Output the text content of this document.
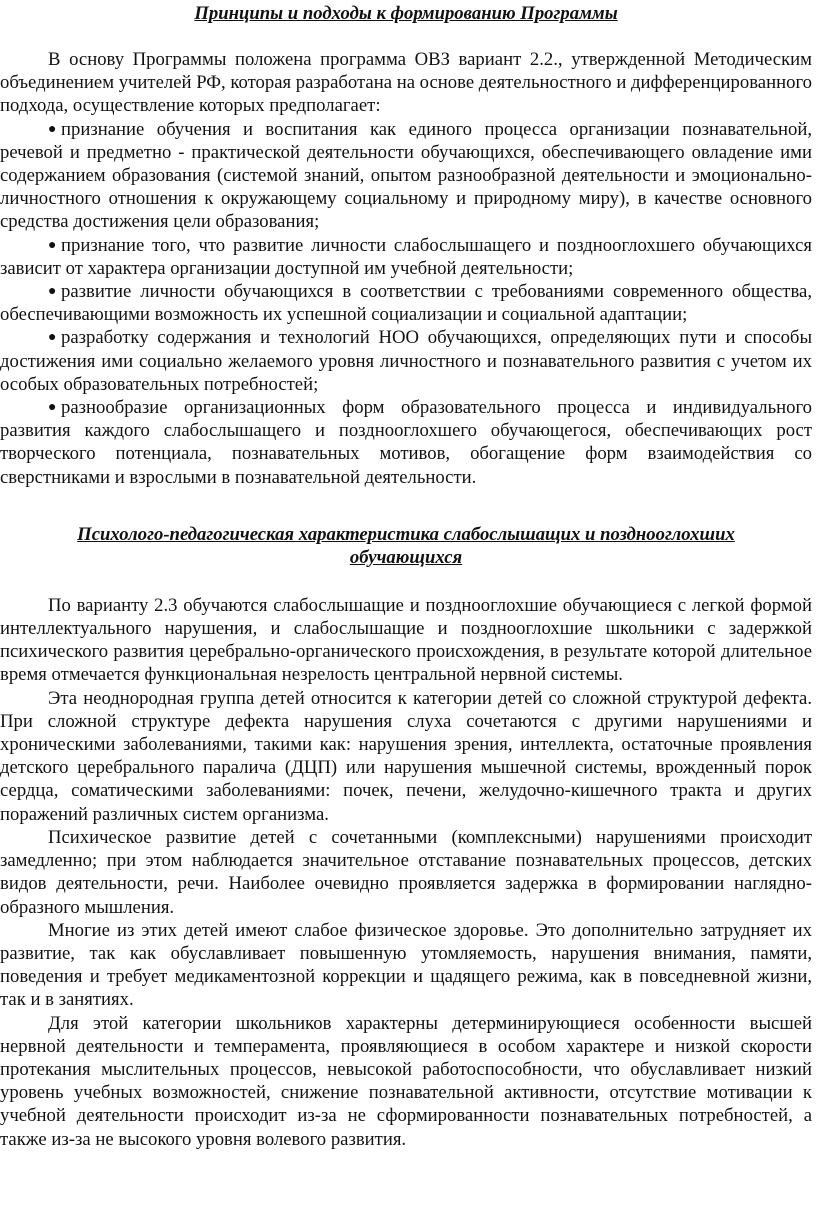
Принципы и подходы к формированию Программы

В основу Программы положена программа ОВЗ вариант 2.2., утвержденной Методическим объединением учителей РФ, которая разработана на основе деятельностного и дифференцированного подхода, осуществление которых предполагает:

● признание обучения и воспитания как единого процесса организации познавательной, речевой и предметно - практической деятельности обучающихся, обеспечивающего овладение ими содержанием образования (системой знаний, опытом разнообразной деятельности и эмоционально-личностного отношения к окружающему социальному и природному миру), в качестве основного средства достижения цели образования;

● признание того, что развитие личности слабослышащего и позднооглохшего обучающихся зависит от характера организации доступной им учебной деятельности;

● развитие личности обучающихся в соответствии с требованиями современного общества, обеспечивающими возможность их успешной социализации и социальной адаптации;

● разработку содержания и технологий НОО обучающихся, определяющих пути и способы достижения ими социально желаемого уровня личностного и познавательного развития с учетом их особых образовательных потребностей;

● разнообразие организационных форм образовательного процесса и индивидуального развития каждого слабослышащего и позднооглохшего обучающегося, обеспечивающих рост творческого потенциала, познавательных мотивов, обогащение форм взаимодействия со сверстниками и взрослыми в познавательной деятельности.

Психолого-педагогическая характеристика слабослышащих и позднооглохших обучающихся

По варианту 2.3 обучаются слабослышащие и позднооглохшие обучающиеся с легкой формой интеллектуального нарушения, и слабослышащие и позднооглохшие школьники с задержкой психического развития церебрально-органического происхождения, в результате которой длительное время отмечается функциональная незрелость центральной нервной системы.

Эта неоднородная группа детей относится к категории детей со сложной структурой дефекта. При сложной структуре дефекта нарушения слуха сочетаются с другими нарушениями и хроническими заболеваниями, такими как: нарушения зрения, интеллекта, остаточные проявления детского церебрального паралича (ДЦП) или нарушения мышечной системы, врожденный порок сердца, соматическими заболеваниями: почек, печени, желудочно-кишечного тракта и других поражений различных систем организма.

Психическое развитие детей с сочетанными (комплексными) нарушениями происходит замедленно; при этом наблюдается значительное отставание познавательных процессов, детских видов деятельности, речи. Наиболее очевидно проявляется задержка в формировании наглядно-образного мышления.

Многие из этих детей имеют слабое физическое здоровье. Это дополнительно затрудняет их развитие, так как обуславливает повышенную утомляемость, нарушения внимания, памяти, поведения и требует медикаментозной коррекции и щадящего режима, как в повседневной жизни, так и в занятиях.

Для этой категории школьников характерны детерминирующиеся особенности высшей нервной деятельности и темперамента, проявляющиеся в особом характере и низкой скорости протекания мыслительных процессов, невысокой работоспособности, что обуславливает низкий уровень учебных возможностей, снижение познавательной активности, отсутствие мотивации к учебной деятельности происходит из-за не сформированности познавательных потребностей, а также из-за не высокого уровня волевого развития.
